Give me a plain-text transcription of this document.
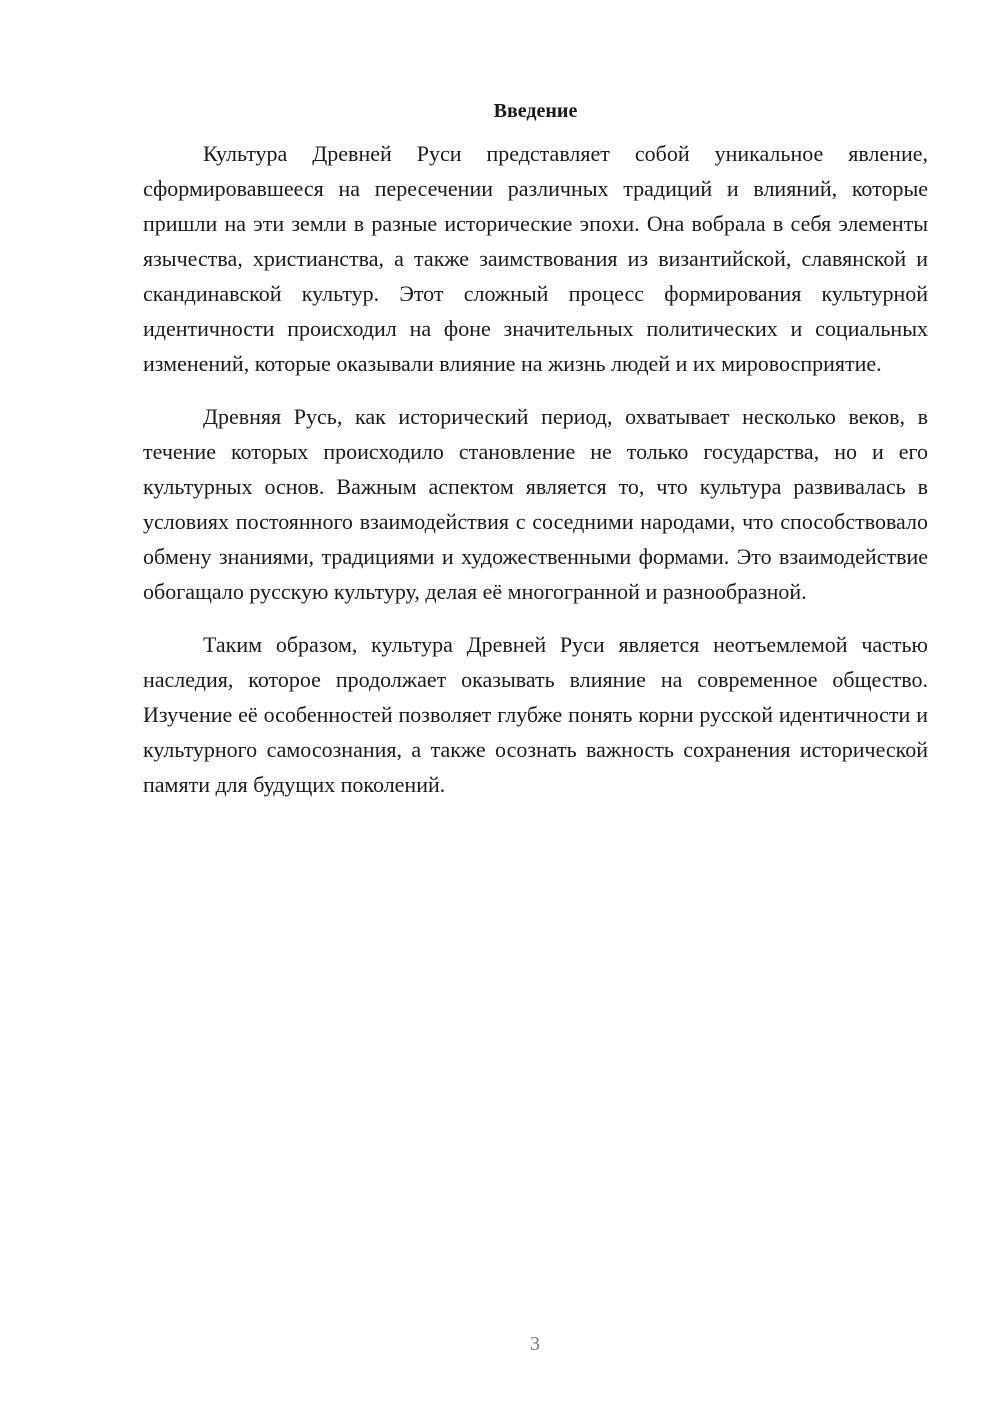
Введение

Культура Древней Руси представляет собой уникальное явление, сформировавшееся на пересечении различных традиций и влияний, которые пришли на эти земли в разные исторические эпохи. Она вобрала в себя элементы язычества, христианства, а также заимствования из византийской, славянской и скандинавской культур. Этот сложный процесс формирования культурной идентичности происходил на фоне значительных политических и социальных изменений, которые оказывали влияние на жизнь людей и их мировосприятие.

Древняя Русь, как исторический период, охватывает несколько веков, в течение которых происходило становление не только государства, но и его культурных основ. Важным аспектом является то, что культура развивалась в условиях постоянного взаимодействия с соседними народами, что способствовало обмену знаниями, традициями и художественными формами. Это взаимодействие обогащало русскую культуру, делая её многогранной и разнообразной.

Таким образом, культура Древней Руси является неотъемлемой частью наследия, которое продолжает оказывать влияние на современное общество. Изучение её особенностей позволяет глубже понять корни русской идентичности и культурного самосознания, а также осознать важность сохранения исторической памяти для будущих поколений.

3
